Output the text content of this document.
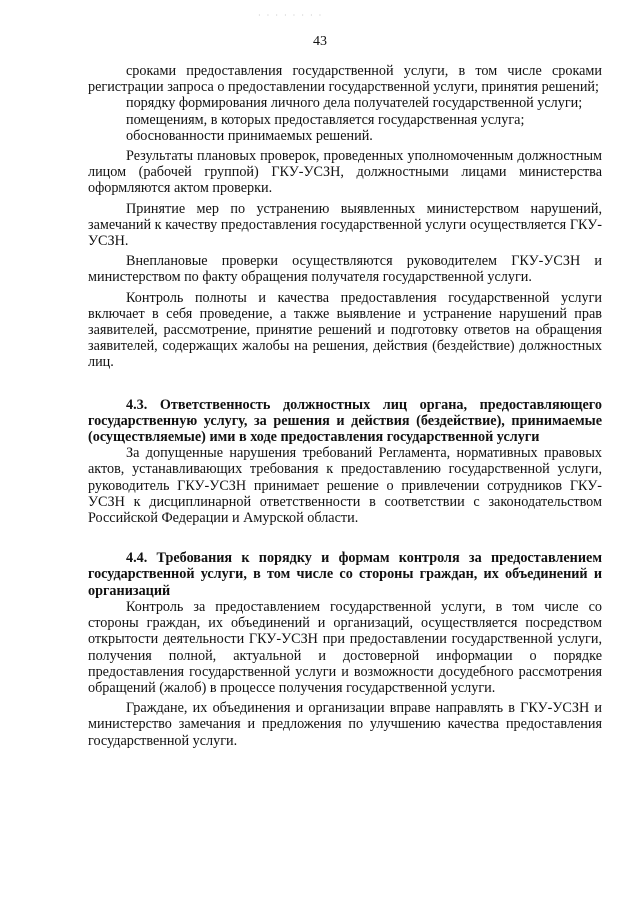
· · · · · · · ·
43

сроками предоставления государственной услуги, в том числе сроками регистрации запроса о предоставлении государственной услуги, принятия решений;

порядку формирования личного дела получателей государственной услуги;

помещениям, в которых предоставляется государственная услуга;

обоснованности принимаемых решений.

Результаты плановых проверок, проведенных уполномоченным должностным лицом (рабочей группой) ГКУ-УСЗН, должностными лицами министерства оформляются актом проверки.

Принятие мер по устранению выявленных министерством нарушений, замечаний к качеству предоставления государственной услуги осуществляется ГКУ-УСЗН.

Внеплановые проверки осуществляются руководителем ГКУ-УСЗН и министерством по факту обращения получателя государственной услуги.

Контроль полноты и качества предоставления государственной услуги включает в себя проведение, а также выявление и устранение нарушений прав заявителей, рассмотрение, принятие решений и подготовку ответов на обращения заявителей, содержащих жалобы на решения, действия (бездействие) должностных лиц.

4.3. Ответственность должностных лиц органа, предоставляющего государственную услугу, за решения и действия (бездействие), принимаемые (осуществляемые) ими в ходе предоставления государственной услуги

За допущенные нарушения требований Регламента, нормативных правовых актов, устанавливающих требования к предоставлению государственной услуги, руководитель ГКУ-УСЗН принимает решение о привлечении сотрудников ГКУ-УСЗН к дисциплинарной ответственности в соответствии с законодательством Российской Федерации и Амурской области.

4.4. Требования к порядку и формам контроля за предоставлением государственной услуги, в том числе со стороны граждан, их объединений и организаций

Контроль за предоставлением государственной услуги, в том числе со стороны граждан, их объединений и организаций, осуществляется посредством открытости деятельности ГКУ-УСЗН при предоставлении государственной услуги, получения полной, актуальной и достоверной информации о порядке предоставления государственной услуги и возможности досудебного рассмотрения обращений (жалоб) в процессе получения государственной услуги.

Граждане, их объединения и организации вправе направлять в ГКУ-УСЗН и министерство замечания и предложения по улучшению качества предоставления государственной услуги.
